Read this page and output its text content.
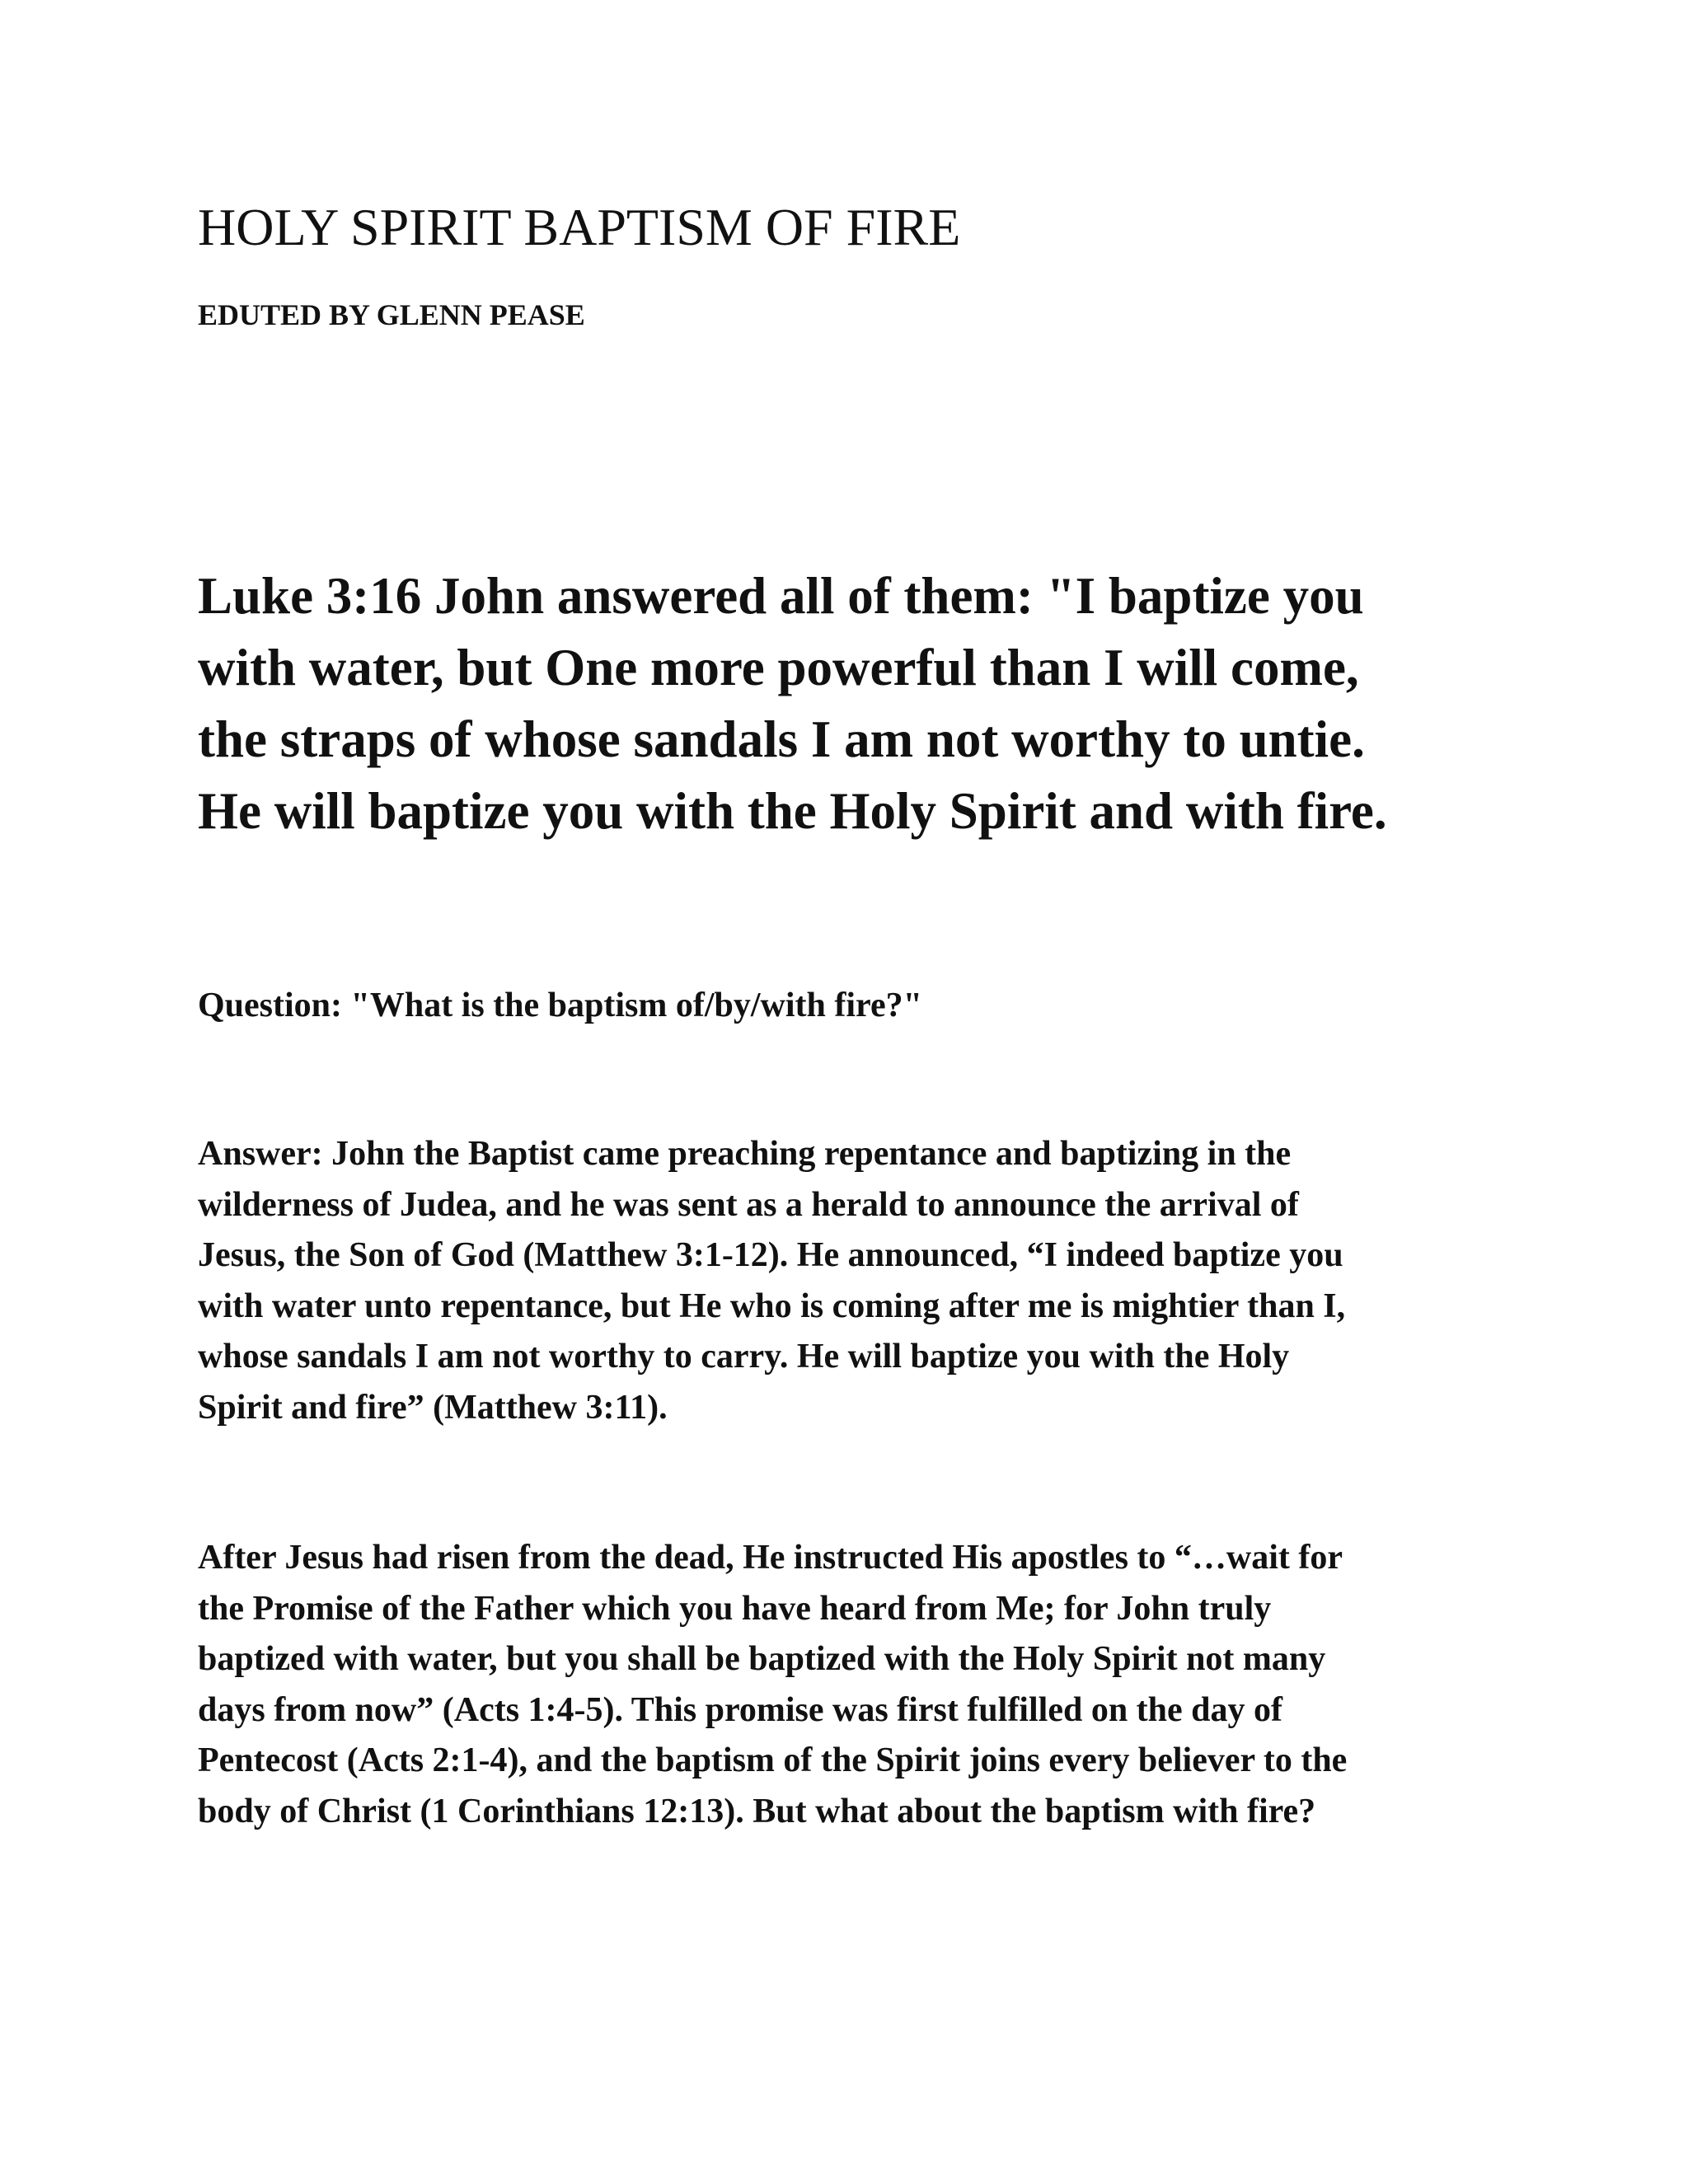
HOLY SPIRIT BAPTISM OF FIRE

EDUTED BY GLENN PEASE

Luke 3:16 John answered all of them: "I baptize you
with water, but One more powerful than I will come,
the straps of whose sandals I am not worthy to untie.
He will baptize you with the Holy Spirit and with fire.

Question: "What is the baptism of/by/with fire?"

Answer: John the Baptist came preaching repentance and baptizing in the
wilderness of Judea, and he was sent as a herald to announce the arrival of
Jesus, the Son of God (Matthew 3:1-12). He announced, “I indeed baptize you
with water unto repentance, but He who is coming after me is mightier than I,
whose sandals I am not worthy to carry. He will baptize you with the Holy
Spirit and fire” (Matthew 3:11).

After Jesus had risen from the dead, He instructed His apostles to “…wait for
the Promise of the Father which you have heard from Me; for John truly
baptized with water, but you shall be baptized with the Holy Spirit not many
days from now” (Acts 1:4-5). This promise was first fulfilled on the day of
Pentecost (Acts 2:1-4), and the baptism of the Spirit joins every believer to the
body of Christ (1 Corinthians 12:13). But what about the baptism with fire?
